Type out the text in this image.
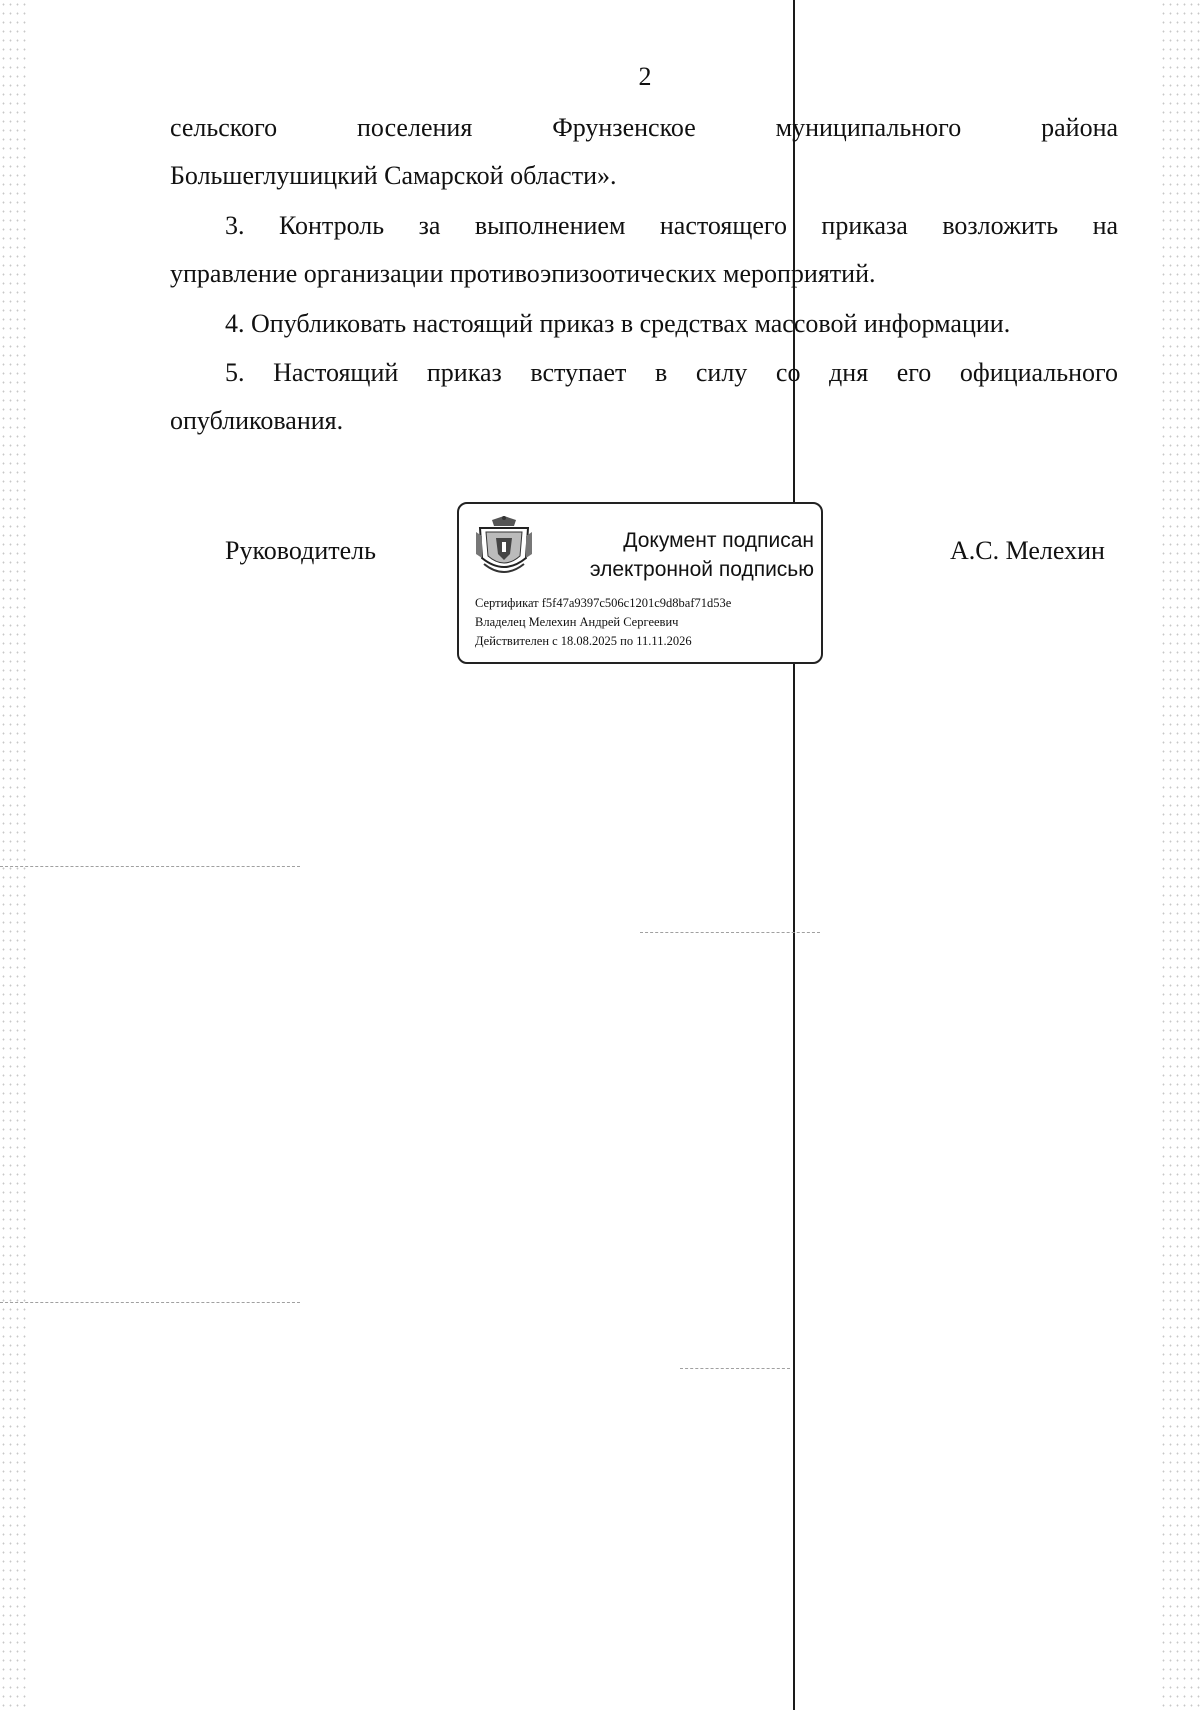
2
сельского	поселения	Фрунзенское	муниципального	района
Большеглушицкий Самарской области».
3. Контроль за выполнением настоящего приказа возложить на
управление организации противоэпизоотических мероприятий.
4. Опубликовать настоящий приказ в средствах массовой информации.
5. Настоящий приказ вступает в силу со дня его официального
опубликования.
Руководитель	Документ подписан
электронной подписью
Сертификат f5f47a9397c506c1201c9d8baf71d53e
Владелец Мелехин Андрей Сергеевич
Действителен с 18.08.2025 по 11.11.2026
А.С. Мелехин
